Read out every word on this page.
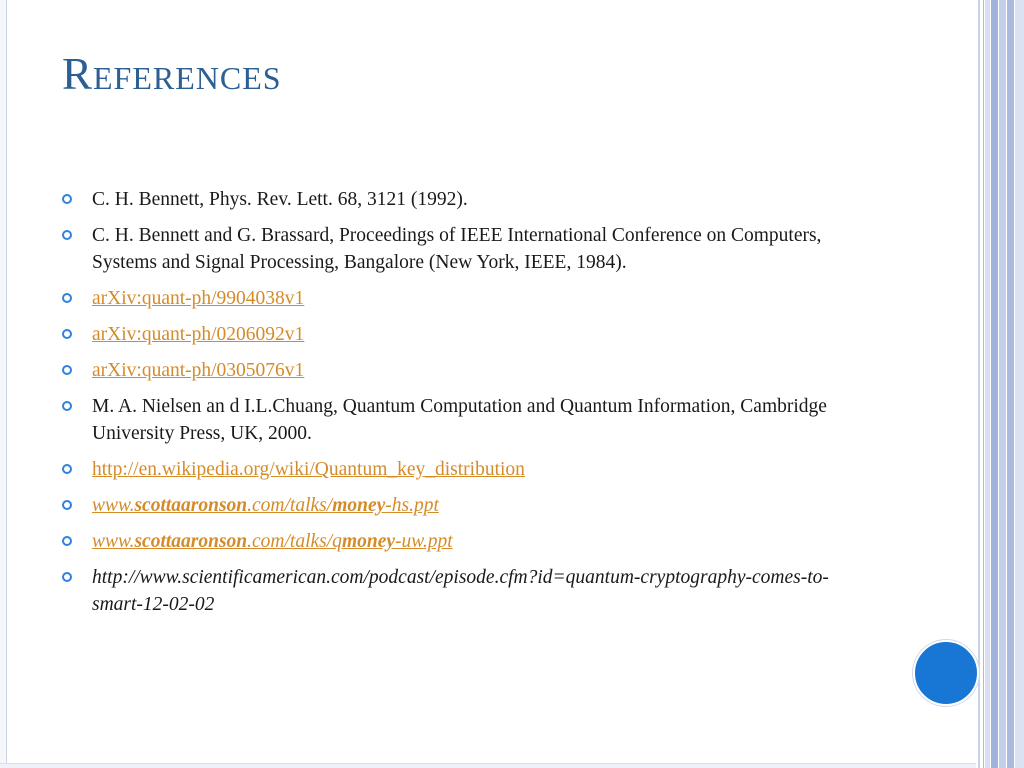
References
C. H. Bennett, Phys. Rev. Lett. 68, 3121 (1992).
C. H. Bennett and G. Brassard, Proceedings of IEEE International Conference on Computers, Systems and Signal Processing, Bangalore (New York, IEEE, 1984).
arXiv:quant-ph/9904038v1
arXiv:quant-ph/0206092v1
arXiv:quant-ph/0305076v1
M. A. Nielsen an d I.L.Chuang, Quantum Computation and Quantum Information, Cambridge University Press, UK, 2000.
http://en.wikipedia.org/wiki/Quantum_key_distribution
www.scottaaronson.com/talks/money-hs.ppt
www.scottaaronson.com/talks/qmoney-uw.ppt
http://www.scientificamerican.com/podcast/episode.cfm?id=quantum-cryptography-comes-to-smart-12-02-02
